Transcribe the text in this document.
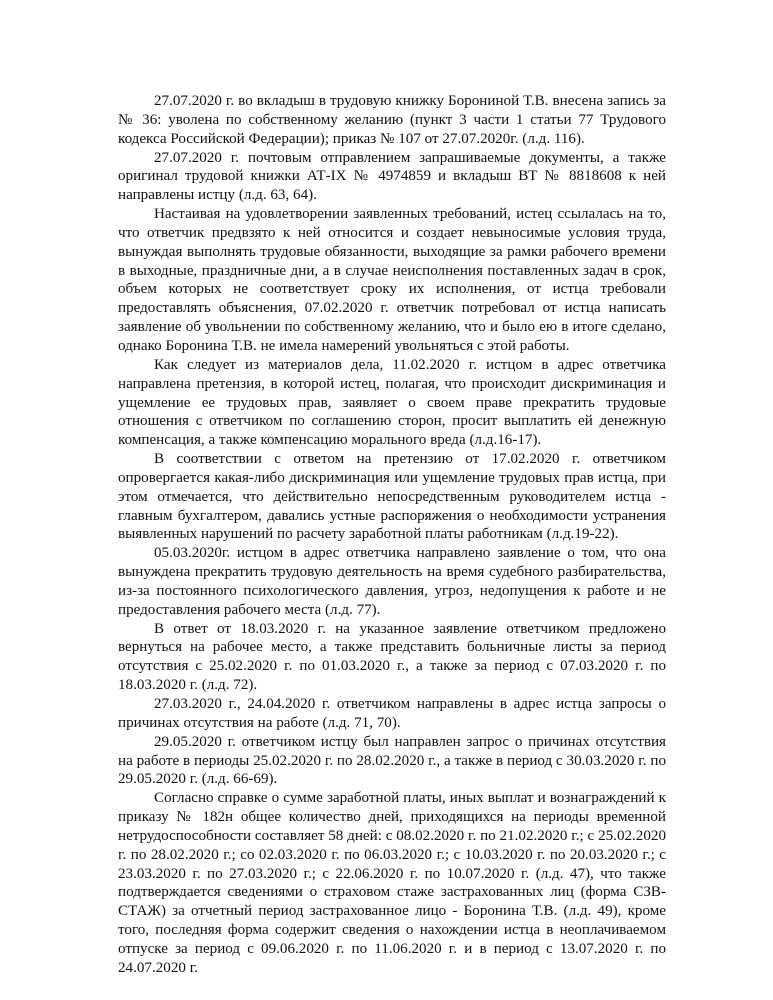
27.07.2020 г. во вкладыш в трудовую книжку Борониной Т.В. внесена запись за № 36: уволена по собственному желанию (пункт 3 части 1 статьи 77 Трудового кодекса Российской Федерации); приказ № 107 от 27.07.2020г. (л.д. 116).

27.07.2020 г. почтовым отправлением запрашиваемые документы, а также оригинал трудовой книжки АТ-IX № 4974859 и вкладыш ВТ № 8818608 к ней направлены истцу (л.д. 63, 64).

Настаивая на удовлетворении заявленных требований, истец ссылалась на то, что ответчик предвзято к ней относится и создает невыносимые условия труда, вынуждая выполнять трудовые обязанности, выходящие за рамки рабочего времени в выходные, праздничные дни, а в случае неисполнения поставленных задач в срок, объем которых не соответствует сроку их исполнения, от истца требовали предоставлять объяснения, 07.02.2020 г. ответчик потребовал от истца написать заявление об увольнении по собственному желанию, что и было ею в итоге сделано, однако Боронина Т.В. не имела намерений увольняться с этой работы.

Как следует из материалов дела, 11.02.2020 г. истцом в адрес ответчика направлена претензия, в которой истец, полагая, что происходит дискриминация и ущемление ее трудовых прав, заявляет о своем праве прекратить трудовые отношения с ответчиком по соглашению сторон, просит выплатить ей денежную компенсация, а также компенсацию морального вреда (л.д.16-17).

В соответствии с ответом на претензию от 17.02.2020 г. ответчиком опровергается какая-либо дискриминация или ущемление трудовых прав истца, при этом отмечается, что действительно непосредственным руководителем истца - главным бухгалтером, давались устные распоряжения о необходимости устранения выявленных нарушений по расчету заработной платы работникам (л.д.19-22).

05.03.2020г. истцом в адрес ответчика направлено заявление о том, что она вынуждена прекратить трудовую деятельность на время судебного разбирательства, из-за постоянного психологического давления, угроз, недопущения к работе и не предоставления рабочего места (л.д. 77).

В ответ от 18.03.2020 г. на указанное заявление ответчиком предложено вернуться на рабочее место, а также представить больничные листы за период отсутствия с 25.02.2020 г. по 01.03.2020 г., а также за период с 07.03.2020 г. по 18.03.2020 г. (л.д. 72).

27.03.2020 г., 24.04.2020 г. ответчиком направлены в адрес истца запросы о причинах отсутствия на работе (л.д. 71, 70).

29.05.2020 г. ответчиком истцу был направлен запрос о причинах отсутствия на работе в периоды 25.02.2020 г. по 28.02.2020 г., а также в период с 30.03.2020 г. по 29.05.2020 г. (л.д. 66-69).

Согласно справке о сумме заработной платы, иных выплат и вознаграждений к приказу № 182н общее количество дней, приходящихся на периоды временной нетрудоспособности составляет 58 дней: с 08.02.2020 г. по 21.02.2020 г.; с 25.02.2020 г. по 28.02.2020 г.; со 02.03.2020 г. по 06.03.2020 г.; с 10.03.2020 г. по 20.03.2020 г.; с 23.03.2020 г. по 27.03.2020 г.; с 22.06.2020 г. по 10.07.2020 г. (л.д. 47), что также подтверждается сведениями о страховом стаже застрахованных лиц (форма СЗВ-СТАЖ) за отчетный период застрахованное лицо - Боронина Т.В. (л.д. 49), кроме того, последняя форма содержит сведения о нахождении истца в неоплачиваемом отпуске за период с 09.06.2020 г. по 11.06.2020 г. и в период с 13.07.2020 г. по 24.07.2020 г.
